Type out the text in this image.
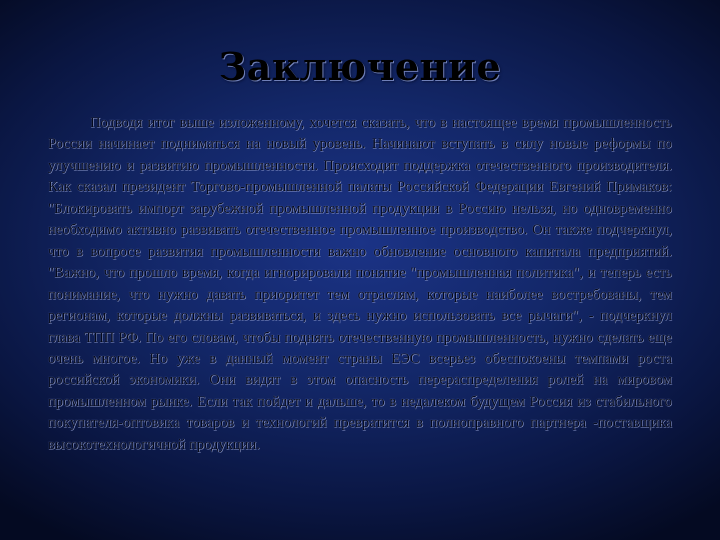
Заключение

Подводя итог выше изложенному, хочется сказать, что в настоящее время промышленность России начинает подниматься на новый уровень. Начинают вступать в силу новые реформы по улучшению и развитию промышленности. Происходит поддержка отечественного производителя. Как сказал президент Торгово-промышленной палаты Российской Федерации Евгений Примаков: "Блокировать импорт зарубежной промышленной продукции в Россию нельзя, но одновременно необходимо активно развивать отечественное промышленное производство. Он также подчеркнул, что в вопросе развития промышленности важно обновление основного капитала предприятий. "Важно, что прошло время, когда игнорировали понятие "промышленная политика", и теперь есть понимание, что нужно давать приоритет тем отраслям, которые наиболее востребованы, тем регионам, которые должны развиваться, и здесь нужно использовать все рычаги", - подчеркнул глава ТПП РФ. По его словам, чтобы поднять отечественную промышленность, нужно сделать еще очень многое. Но уже в данный момент страны ЕЭС всерьез обеспокоены темпами роста российской экономики. Они видят в этом опасность перераспределения ролей на мировом промышленном рынке. Если так пойдет и дальше, то в недалеком будущем Россия из стабильного покупателя-оптовика товаров и технологий превратится в полноправного партнера -поставщика высокотехнологичной продукции.
